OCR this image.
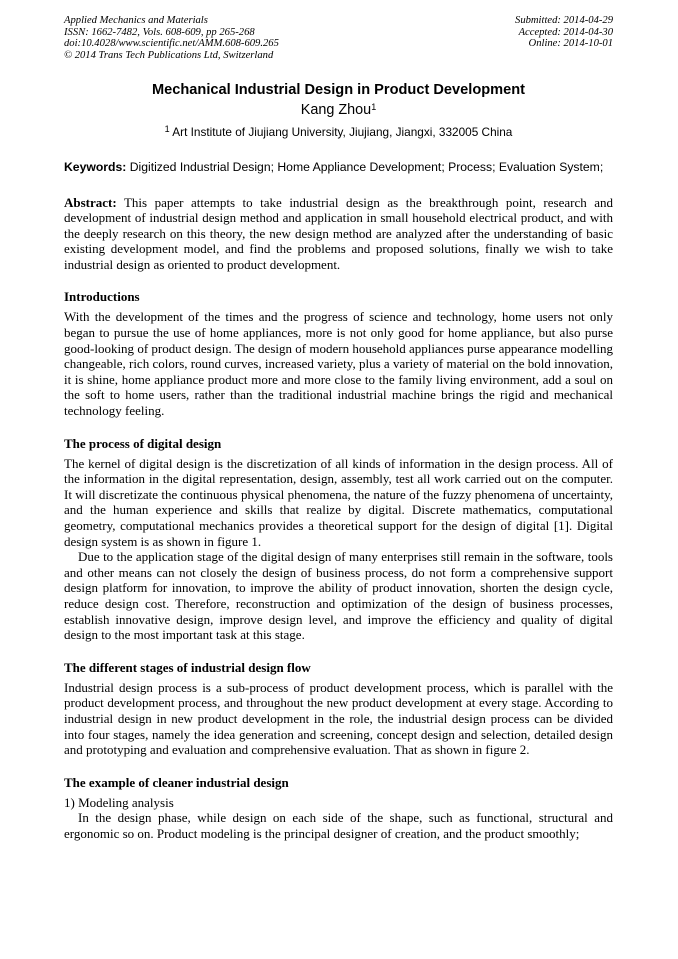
Applied Mechanics and Materials
ISSN: 1662-7482, Vols. 608-609, pp 265-268
doi:10.4028/www.scientific.net/AMM.608-609.265
© 2014 Trans Tech Publications Ltd, Switzerland
Submitted: 2014-04-29
Accepted: 2014-04-30
Online: 2014-10-01
Mechanical Industrial Design in Product Development
Kang Zhou$^1$
$^1$ Art Institute of Jiujiang University, Jiujiang, Jiangxi, 332005 China
Keywords: Digitized Industrial Design; Home Appliance Development; Process; Evaluation System;
Abstract: This paper attempts to take industrial design as the breakthrough point, research and development of industrial design method and application in small household electrical product, and with the deeply research on this theory, the new design method are analyzed after the understanding of basic existing development model, and find the problems and proposed solutions, finally we wish to take industrial design as oriented to product development.
Introductions

With the development of the times and the progress of science and technology, home users not only began to pursue the use of home appliances, more is not only good for home appliance, but also purse good-looking of product design. The design of modern household appliances purse appearance modelling changeable, rich colors, round curves, increased variety, plus a variety of material on the bold innovation, it is shine, home appliance product more and more close to the family living environment, add a soul on the soft to home users, rather than the traditional industrial machine brings the rigid and mechanical technology feeling.

The process of digital design

The kernel of digital design is the discretization of all kinds of information in the design process. All of the information in the digital representation, design, assembly, test all work carried out on the computer. It will discretizate the continuous physical phenomena, the nature of the fuzzy phenomena of uncertainty, and the human experience and skills that realize by digital. Discrete mathematics, computational geometry, computational mechanics provides a theoretical support for the design of digital [1]. Digital design system is as shown in figure 1.

Due to the application stage of the digital design of many enterprises still remain in the software, tools and other means can not closely the design of business process, do not form a comprehensive support design platform for innovation, to improve the ability of product innovation, shorten the design cycle, reduce design cost. Therefore, reconstruction and optimization of the design of business processes, establish innovative design, improve design level, and improve the efficiency and quality of digital design to the most important task at this stage.

The different stages of industrial design flow

Industrial design process is a sub-process of product development process, which is parallel with the product development process, and throughout the new product development at every stage. According to industrial design in new product development in the role, the industrial design process can be divided into four stages, namely the idea generation and screening, concept design and selection, detailed design and prototyping and evaluation and comprehensive evaluation. That as shown in figure 2.

The example of cleaner industrial design

1) Modeling analysis

In the design phase, while design on each side of the shape, such as functional, structural and ergonomic so on. Product modeling is the principal designer of creation, and the product smoothly;
